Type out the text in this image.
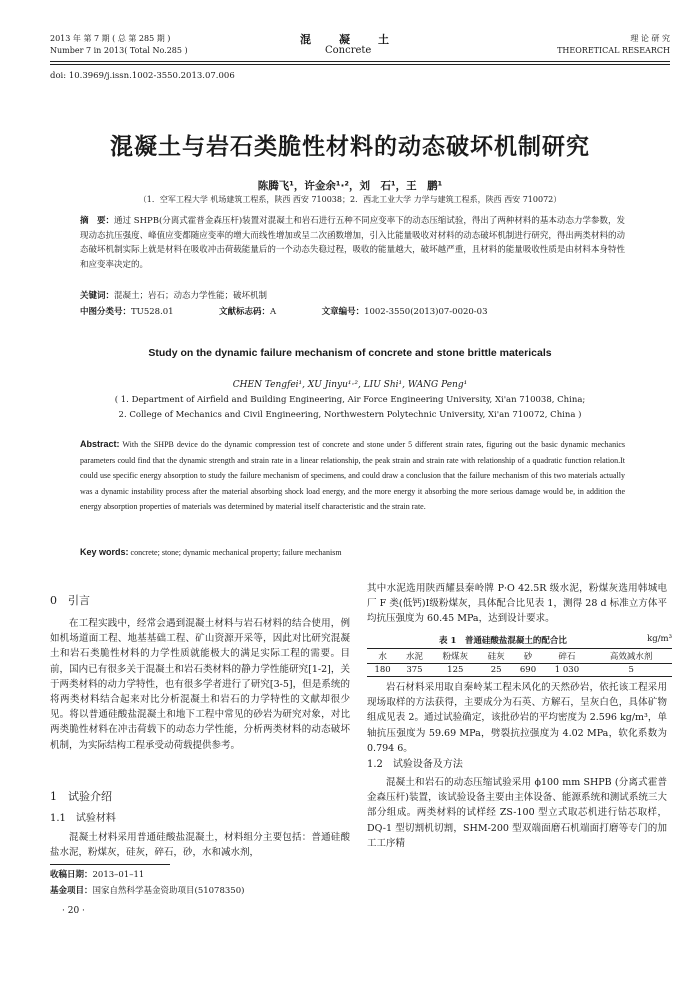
2013 年 第 7 期 ( 总 第 285 期 )
Number 7 in 2013( Total No.285 )
混　　凝　　土
Concrete
理 论 研 究
THEORETICAL RESEARCH
doi: 10.3969/j.issn.1002-3550.2013.07.006
混凝土与岩石类脆性材料的动态破坏机制研究
陈腾飞¹，许金余¹·²，刘　石¹，王　鹏¹
（1．空军工程大学 机场建筑工程系，陕西 西安 710038；2．西北工业大学 力学与建筑工程系，陕西 西安 710072）
摘　要：通过 SHPB(分离式霍普金森压杆)装置对混凝土和岩石进行五种不同应变率下的动态压缩试验，得出了两种材料的基本动态力学参数，发现动态抗压强度、峰值应变都随应变率的增大而线性增加或呈二次函数增加，引入比能量吸收对材料的动态破坏机制进行研究，得出两类材料的动态破坏机制实际上就是材料在吸收冲击荷载能量后的一个动态失稳过程，吸收的能量越大，破坏越严重，且材料的能量吸收性质是由材料本身特性和应变率决定的。
关键词：混凝土；岩石；动态力学性能；破坏机制
中图分类号：TU528.01	文献标志码：A	文章编号：1002-3550(2013)07-0020-03
Study on the dynamic failure mechanism of concrete and stone brittle matericals
CHEN Tengfei¹, XU Jinyu¹·², LIU Shi¹, WANG Peng¹
( 1. Department of Airfield and Building Engineering, Air Force Engineering University, Xi'an 710038, China;
2. College of Mechanics and Civil Engineering, Northwestern Polytechnic University, Xi'an 710072, China )
Abstract: With the SHPB device do the dynamic compression test of concrete and stone under 5 different strain rates, figuring out the basic dynamic mechanics parameters could find that the dynamic strength and strain rate in a linear relationship, the peak strain and strain rate with relationship of a quadratic function relation.It could use specific energy absorption to study the failure mechanism of specimens, and could draw a conclusion that the failure mechanism of this two materials actually was a dynamic instability process after the material absorbing shock load energy, and the more energy it absorbing the more serious damage would be, in addition the energy absorption properties of materials was determined by material itself characteristic and the strain rate.
Key words: concrete; stone; dynamic mechanical property; failure mechanism
0　引言

在工程实践中，经常会遇到混凝土材料与岩石材料的结合使用，例如机场道面工程、地基基础工程、矿山资源开采等，因此对比研究混凝土和岩石类脆性材料的力学性质就能极大的满足实际工程的需要。目前，国内已有很多关于混凝土和岩石类材料的静力学性能研究[1-2]，关于两类材料的动力学特性，也有很多学者进行了研究[3-5]，但是系统的将两类材料结合起来对比分析混凝土和岩石的力学特性的文献却很少见。将以普通硅酸盐混凝土和地下工程中常见的砂岩为研究对象，对比两类脆性材料在冲击荷载下的动态力学性能，分析两类材料的动态破坏机制，为实际结构工程承受动荷载提供参考。

1　试验介绍
1.1　试验材料

混凝土材料采用普通硅酸盐混凝土，材料组分主要包括：普通硅酸盐水泥，粉煤灰，硅灰，碎石，砂，水和减水剂，

收稿日期：2013–01–11
基金项目：国家自然科学基金资助项目(51078350)
· 20 ·

其中水泥选用陕西耀县秦岭牌 P·O 42.5R 级水泥，粉煤灰选用韩城电厂 F 类(低钙)Ⅰ级粉煤灰，具体配合比见表 1，测得 28 d 标准立方体平均抗压强度为 60.45 MPa，达到设计要求。

表 1　普通硅酸盐混凝土的配合比	kg/m³
水	水泥	粉煤灰	硅灰	砂	碎石	高效减水剂
180	375	125	25	690	1 030	5

岩石材料采用取自秦岭某工程未风化的天然砂岩，依托该工程采用现场取样的方法获得，主要成分为石英、方解石，呈灰白色，具体矿物组成见表 2。通过试验确定，该批砂岩的平均密度为 2.596 kg/m³，单轴抗压强度为 59.69 MPa，劈裂抗拉强度为 4.02 MPa，软化系数为 0.794 6。

1.2　试验设备及方法

混凝土和岩石的动态压缩试验采用 ϕ100 mm SHPB (分离式霍普金森压杆)装置，该试验设备主要由主体设备、能源系统和测试系统三大部分组成。两类材料的试样经 ZS-100 型立式取芯机进行钻芯取样，DQ-1 型切割机切割，SHM-200 型双端面磨石机端面打磨等专门的加工工序精
